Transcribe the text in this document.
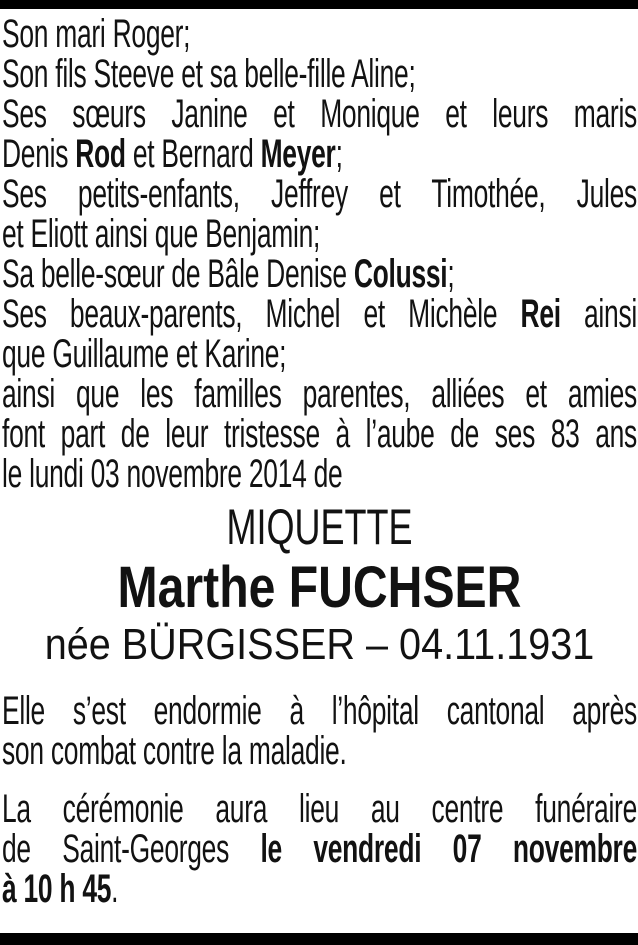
Son mari Roger;
Son fils Steeve et sa belle-fille Aline;
Ses sœurs Janine et Monique et leurs maris
Denis Rod et Bernard Meyer;
Ses petits-enfants, Jeffrey et Timothée, Jules
et Eliott ainsi que Benjamin;
Sa belle-sœur de Bâle Denise Colussi;
Ses beaux-parents, Michel et Michèle Rei ainsi
que Guillaume et Karine;
ainsi que les familles parentes, alliées et amies
font part de leur tristesse à l’aube de ses 83 ans
le lundi 03 novembre 2014 de
MIQUETTE
Marthe FUCHSER
née BÜRGISSER – 04.11.1931
Elle s’est endormie à l’hôpital cantonal après
son combat contre la maladie.
La cérémonie aura lieu au centre funéraire
de Saint-Georges le vendredi 07 novembre
à 10 h 45.
